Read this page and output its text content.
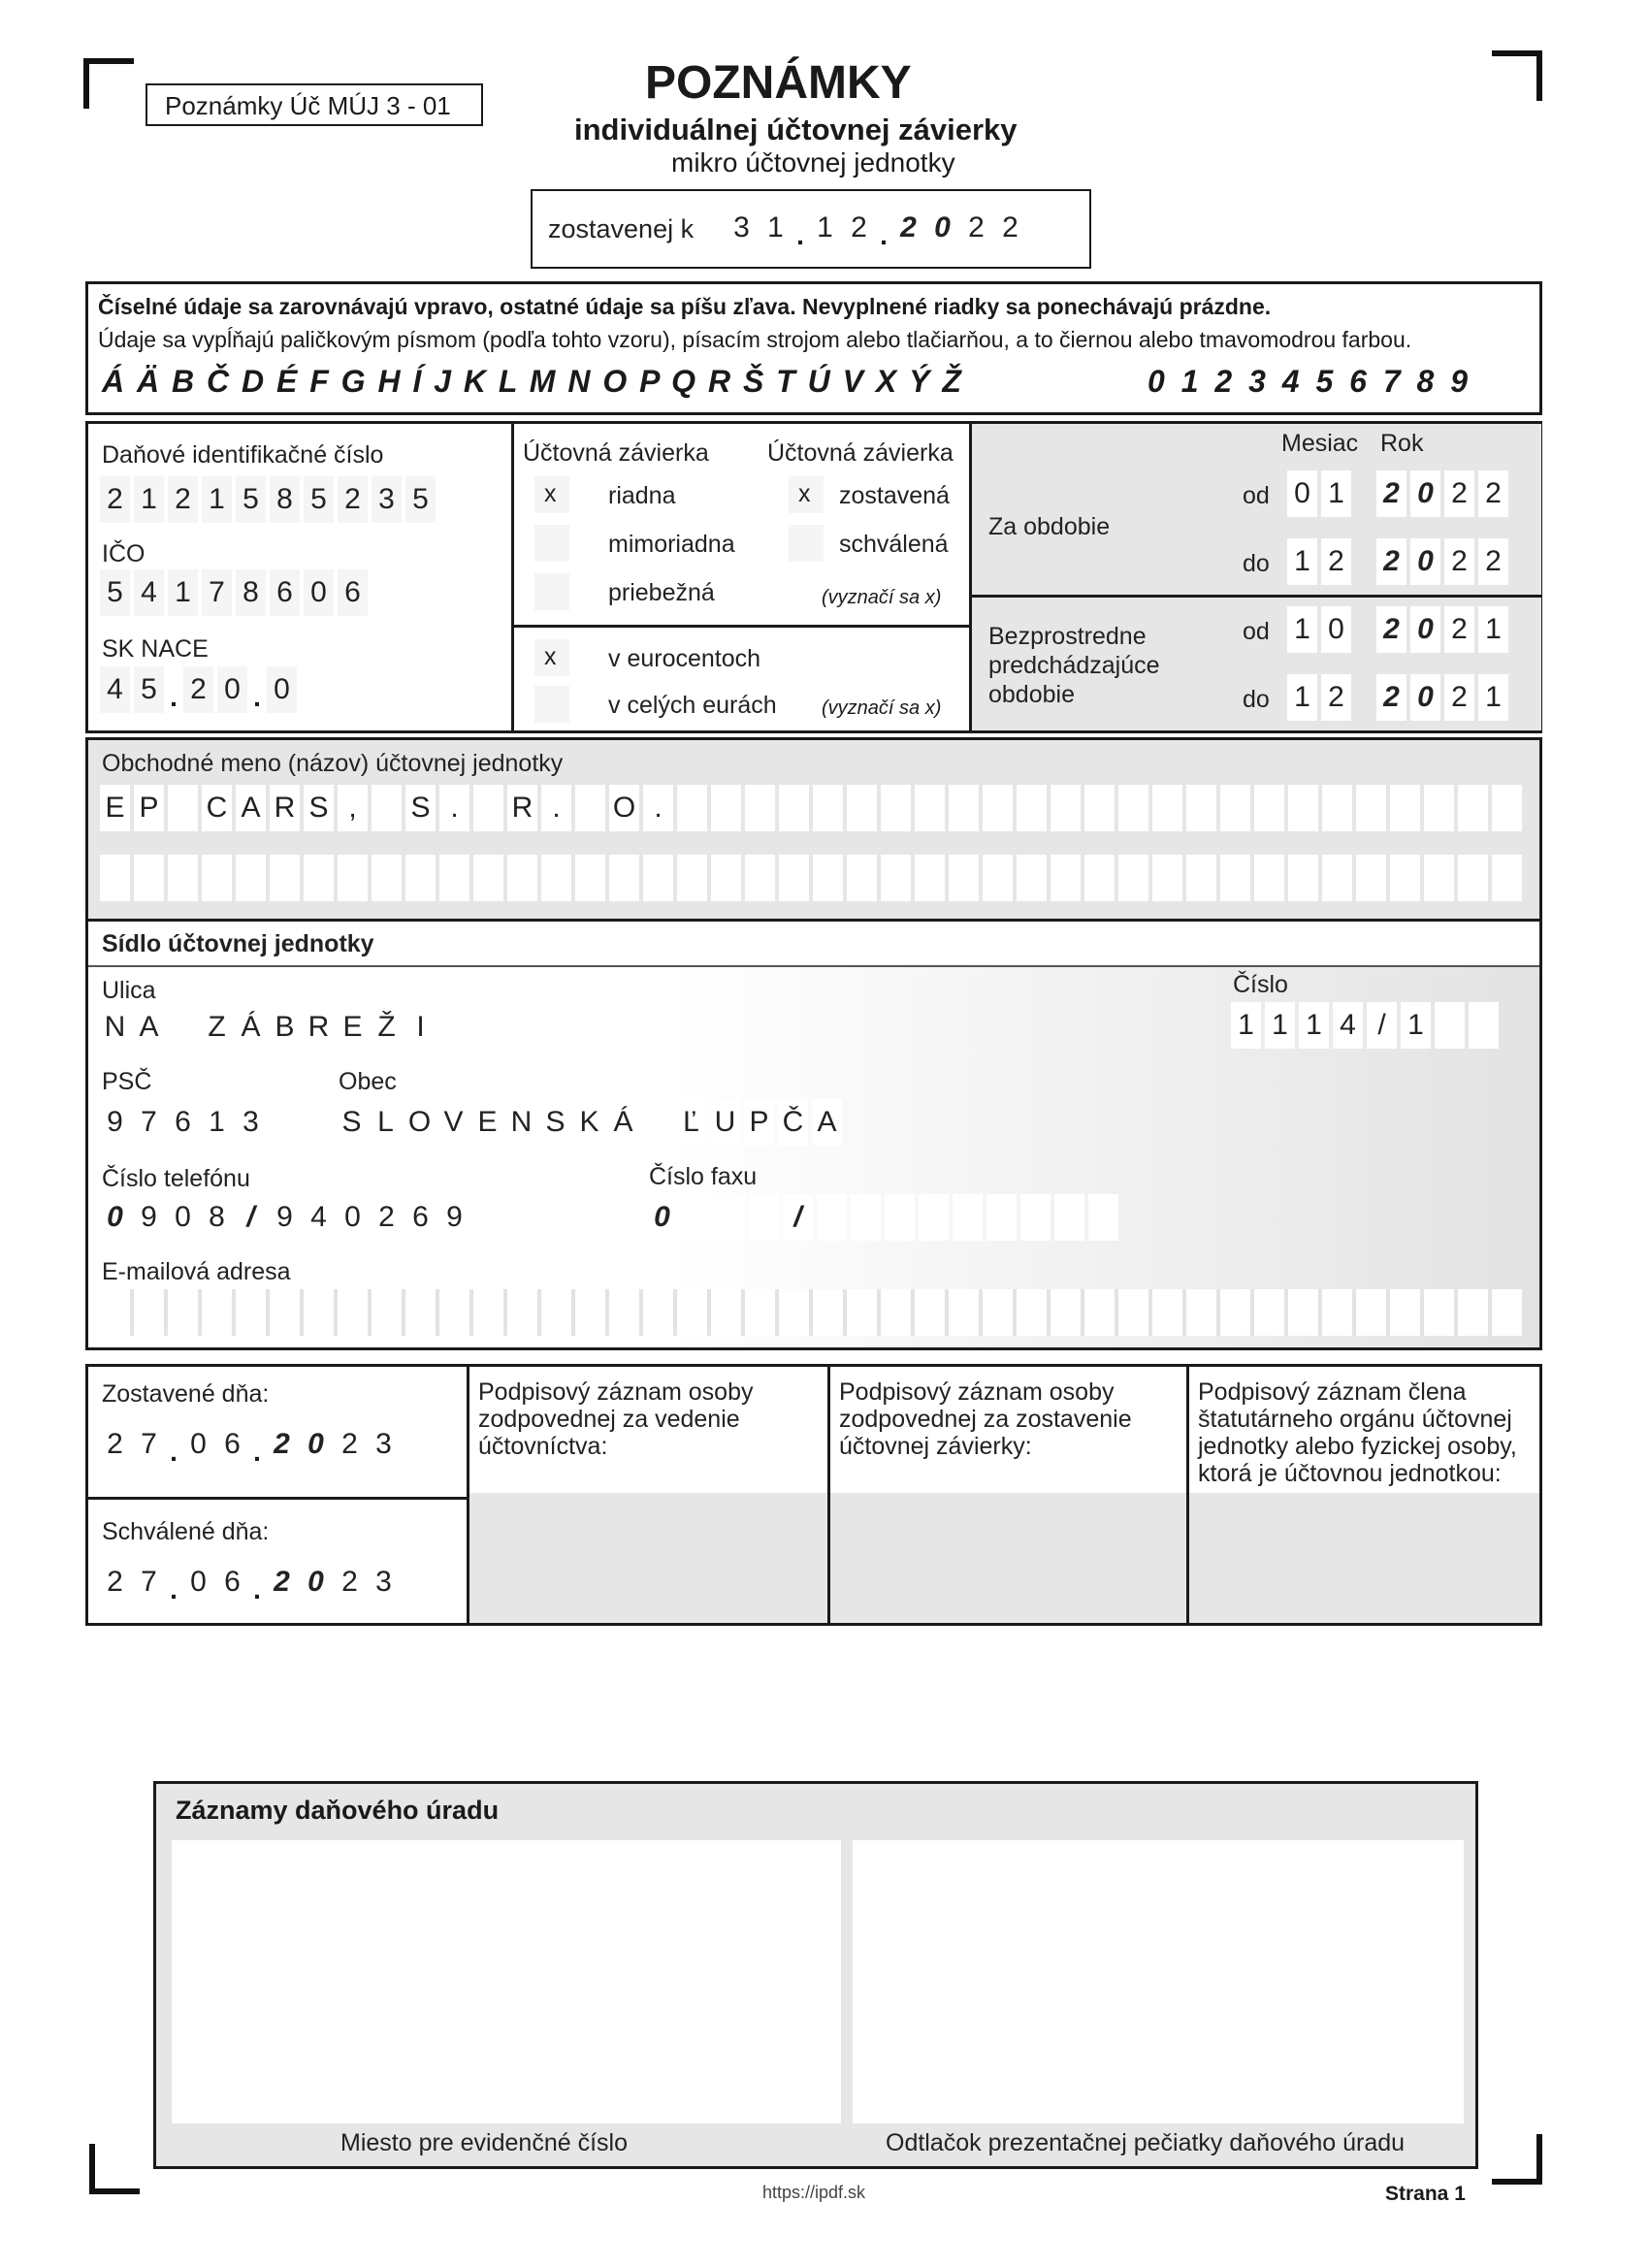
Poznámky Úč MÚJ 3 - 01	POZNÁMKY
individuálnej účtovnej závierky
mikro účtovnej jednotky
zostavenej k 3 1 . 1 2 . 2 0 2 2
Číselné údaje sa zarovnávajú vpravo, ostatné údaje sa píšu zľava. Nevyplnené riadky sa ponechávajú prázdne.
Údaje sa vypĺňajú paličkovým písmom (podľa tohto vzoru), písacím strojom alebo tlačiarňou, a to čiernou alebo tmavomodrou farbou.
Á Ä B Č D É F G H Í J K L M N O P Q R Š T Ú V X Ý Ž	0 1 2 3 4 5 6 7 8 9
Daňové identifikačné číslo
2 1 2 1 5 8 5 2 3 5
IČO
5 4 1 7 8 6 0 6
SK NACE
4 5 . 2 0 . 0
Účtovná závierka Účtovná závierka
x riadna
mimoriadna
priebežná
x zostavená
schválená
(vyznačí sa x)
x v eurocentoch
v celých eurách (vyznačí sa x)
Mesiac Rok
Za obdobie
Bezprostredne predchádzajúce obdobie
od 0 1 2 0 2 2
do 1 2 2 0 2 2
od 1 0 2 0 2 1
do 1 2 2 0 2 1
Obchodné meno (názov) účtovnej jednotky
E P C A R S ,	S .	R .	O .
Sídlo účtovnej jednotky
Ulica
N A Z Á B R E Ž I
Číslo
1 1 1 4 / 1
PSČ	Obec
9 7 6 1 3	S L O V E N S K Á Ľ U P Č A
Číslo telefónu	Číslo faxu
0 9 0 8 / 9 4 0 2 6 9	0	/
E-mailová adresa
Zostavené dňa:
2 7 . 0 6 . 2 0 2 3
Schválené dňa:
2 7 . 0 6 . 2 0 2 3
Podpisový záznam osoby zodpovednej za vedenie účtovníctva:
Podpisový záznam osoby zodpovednej za zostavenie účtovnej závierky:
Podpisový záznam člena štatutárneho orgánu účtovnej jednotky alebo fyzickej osoby, ktorá je účtovnou jednotkou:
Záznamy daňového úradu
Miesto pre evidenčné číslo	Odtlačok prezentačnej pečiatky daňového úradu
https://ipdf.sk	Strana 1
